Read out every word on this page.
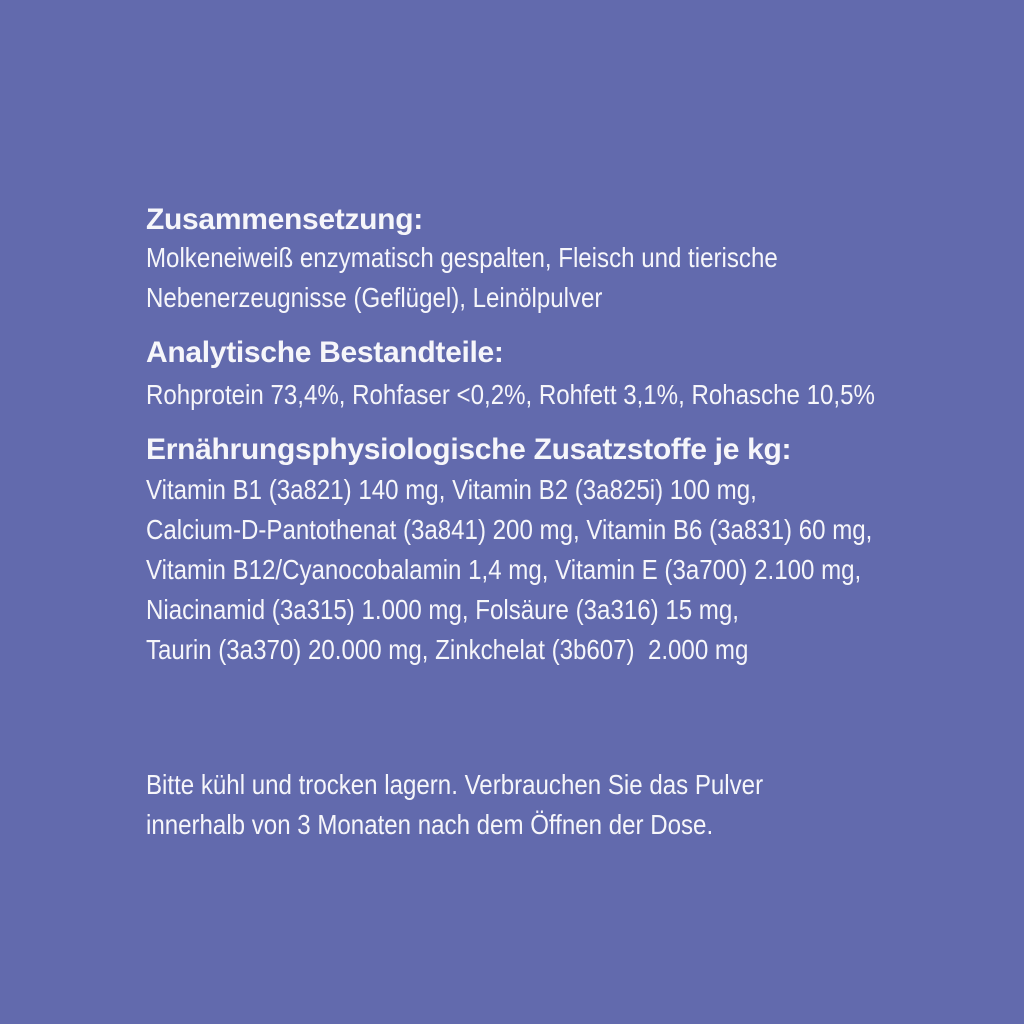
Zusammensetzung:
Molkeneiweiß enzymatisch gespalten, Fleisch und tierische
Nebenerzeugnisse (Geflügel), Leinölpulver
Analytische Bestandteile:
Rohprotein 73,4%, Rohfaser <0,2%, Rohfett 3,1%, Rohasche 10,5%
Ernährungsphysiologische Zusatzstoffe je kg:
Vitamin B1 (3a821) 140 mg, Vitamin B2 (3a825i) 100 mg,
Calcium-D-Pantothenat (3a841) 200 mg, Vitamin B6 (3a831) 60 mg,
Vitamin B12/Cyanocobalamin 1,4 mg, Vitamin E (3a700) 2.100 mg,
Niacinamid (3a315) 1.000 mg, Folsäure (3a316) 15 mg,
Taurin (3a370) 20.000 mg, Zinkchelat (3b607)  2.000 mg
Bitte kühl und trocken lagern. Verbrauchen Sie das Pulver
innerhalb von 3 Monaten nach dem Öffnen der Dose.
